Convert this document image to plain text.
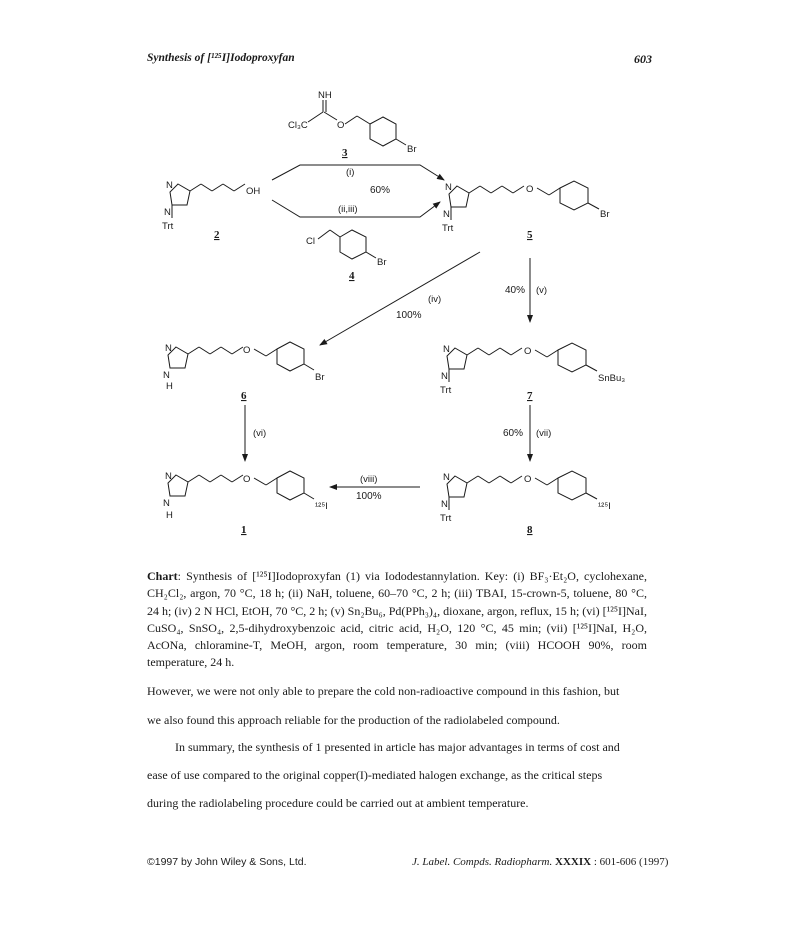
Synthesis of [¹²⁵I]Iodoproxyfan	603
NH
Cl₃C	O
Br
3
N
N
OH
Trt
2
(i)
60%
(ii,iii)
Cl
Br
4
N
N
O
Br
Trt
5
(iv)
100%
40% (v)
N
N
H
O
Br
6
N
N
O
SnBu₃
Trt	7
(vi)	60% (vii)
N
N
H
O
¹²⁵I
1
(viii)
100%
N
N
O
¹²⁵I
Trt
8
Chart: Synthesis of [¹²⁵I]Iodoproxyfan (1) via Iododestannylation. Key: (i) BF₃·Et₂O, cyclohexane, CH₂Cl₂, argon, 70 °C, 18 h; (ii) NaH, toluene, 60–70 °C, 2 h; (iii) TBAI, 15-crown-5, toluene, 80 °C, 24 h; (iv) 2 N HCl, EtOH, 70 °C, 2 h; (v) Sn₂Bu₆, Pd(PPh₃)₄, dioxane, argon, reflux, 15 h; (vi) [¹²⁵I]NaI, CuSO₄, SnSO₄, 2,5-dihydroxybenzoic acid, citric acid, H₂O, 120 °C, 45 min; (vii) [¹²⁵I]NaI, H₂O, AcONa, chloramine-T, MeOH, argon, room temperature, 30 min; (viii) HCOOH 90%, room temperature, 24 h.
However, we were not only able to prepare the cold non-radioactive compound in this fashion, but
we also found this approach reliable for the production of the radiolabeled compound.
In summary, the synthesis of 1 presented in article has major advantages in terms of cost and
ease of use compared to the original copper(I)-mediated halogen exchange, as the critical steps
during the radiolabeling procedure could be carried out at ambient temperature.
©1997 by John Wiley & Sons, Ltd.	J. Label. Compds. Radiopharm. XXXIX : 601-606 (1997)
